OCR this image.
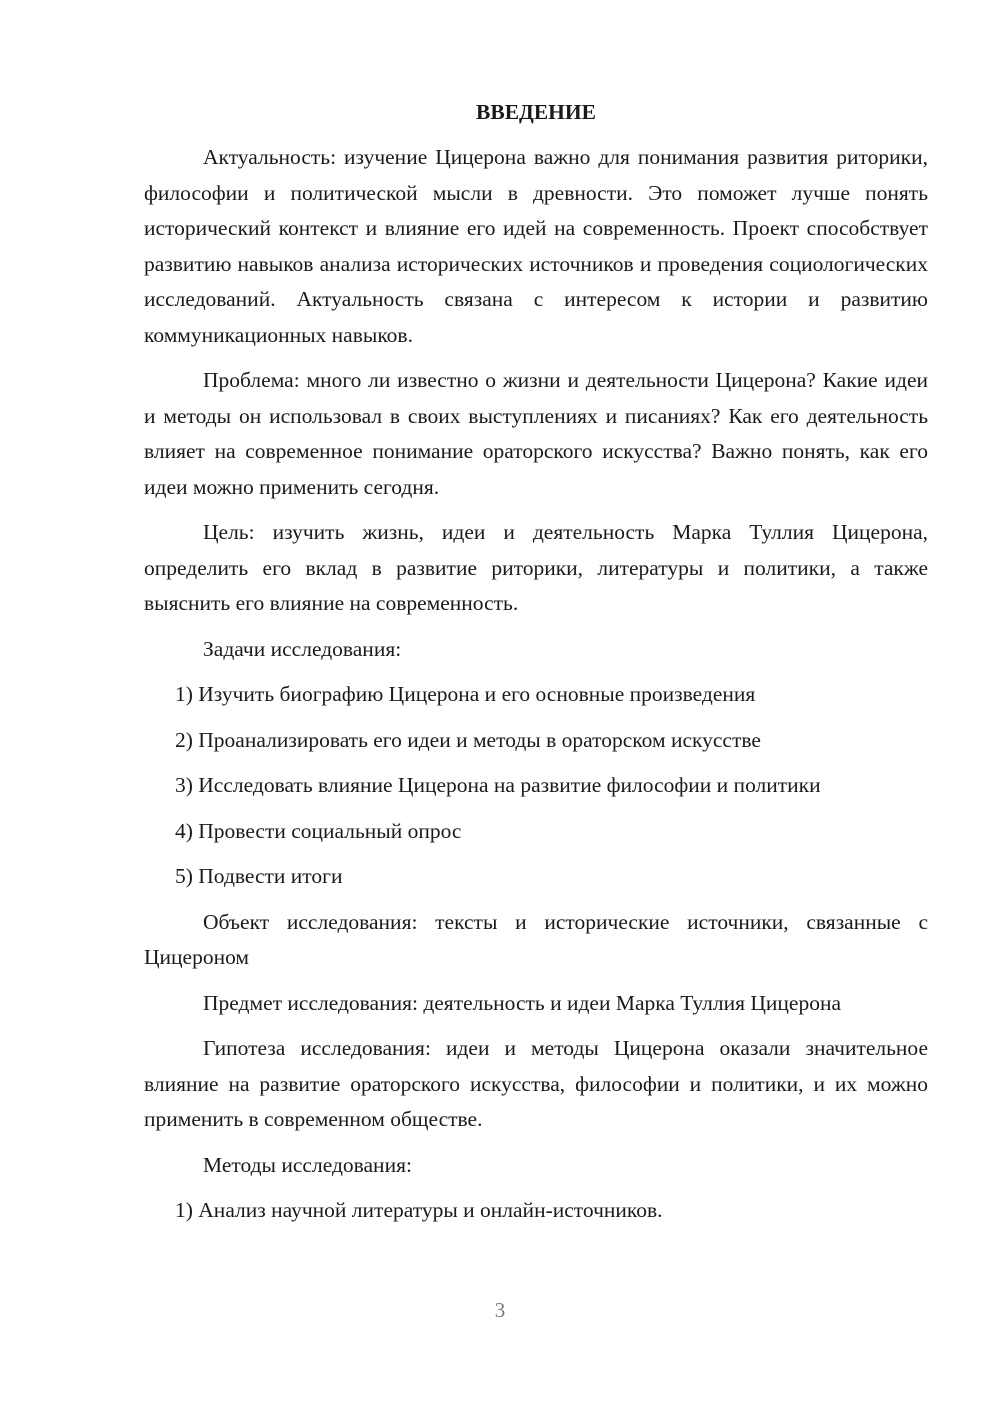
ВВЕДЕНИЕ

Актуальность: изучение Цицерона важно для понимания развития риторики, философии и политической мысли в древности. Это поможет лучше понять исторический контекст и влияние его идей на современность. Проект способствует развитию навыков анализа исторических источников и проведения социологических исследований. Актуальность связана с интересом к истории и развитию коммуникационных навыков.

Проблема: много ли известно о жизни и деятельности Цицерона? Какие идеи и методы он использовал в своих выступлениях и писаниях? Как его деятельность влияет на современное понимание ораторского искусства? Важно понять, как его идеи можно применить сегодня.

Цель: изучить жизнь, идеи и деятельность Марка Туллия Цицерона, определить его вклад в развитие риторики, литературы и политики, а также выяснить его влияние на современность.

Задачи исследования:

1) Изучить биографию Цицерона и его основные произведения

2) Проанализировать его идеи и методы в ораторском искусстве

3) Исследовать влияние Цицерона на развитие философии и политики

4) Провести социальный опрос

5) Подвести итоги

Объект исследования: тексты и исторические источники, связанные с Цицероном

Предмет исследования: деятельность и идеи Марка Туллия Цицерона

Гипотеза исследования: идеи и методы Цицерона оказали значительное влияние на развитие ораторского искусства, философии и политики, и их можно применить в современном обществе.

Методы исследования:

1) Анализ научной литературы и онлайн-источников.

3
